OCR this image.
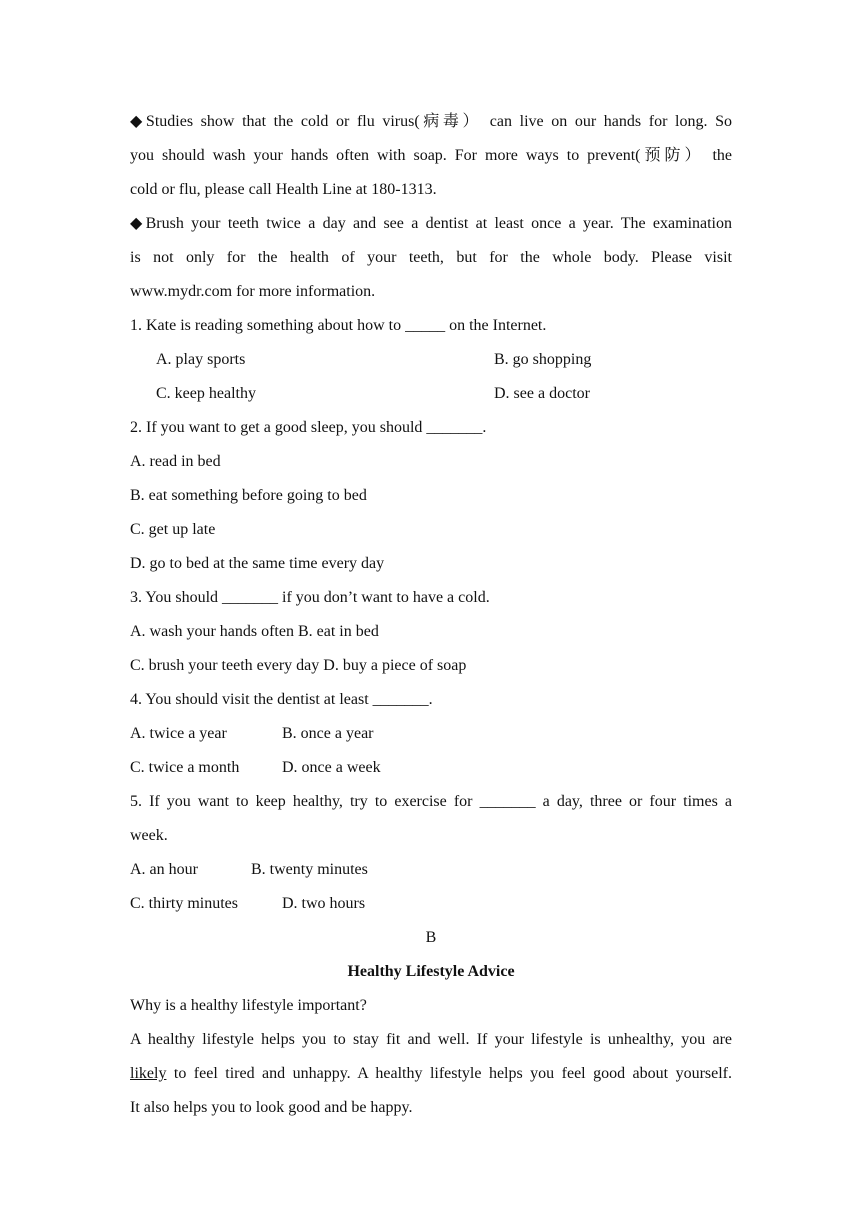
◆Studies show that the cold or flu virus(病毒） can live on our hands for long. So
you should wash your hands often with soap. For more ways to prevent(预防） the
cold or flu, please call Health Line at 180-1313.
◆Brush your teeth twice a day and see a dentist at least once a year. The examination
is not only for the health of your teeth, but for the whole body. Please visit
www.mydr.com for more information.
1. Kate is reading something about how to _____ on the Internet.
A. play sports	B. go shopping
C. keep healthy	D. see a doctor
2. If you want to get a good sleep, you should _______.
A. read in bed
B. eat something before going to bed
C. get up late
D. go to bed at the same time every day
3. You should _______ if you don’t want to have a cold.
A. wash your hands often B. eat in bed
C. brush your teeth every day D. buy a piece of soap
4. You should visit the dentist at least _______.
A. twice a year	B. once a year
C. twice a month	D. once a week
5. If you want to keep healthy, try to exercise for _______ a day, three or four times a
week.
A. an hour	B. twenty minutes
C. thirty minutes	D. two hours
B
Healthy Lifestyle Advice
Why is a healthy lifestyle important?
A healthy lifestyle helps you to stay fit and well. If your lifestyle is unhealthy, you are
likely to feel tired and unhappy. A healthy lifestyle helps you feel good about yourself.
It also helps you to look good and be happy.
